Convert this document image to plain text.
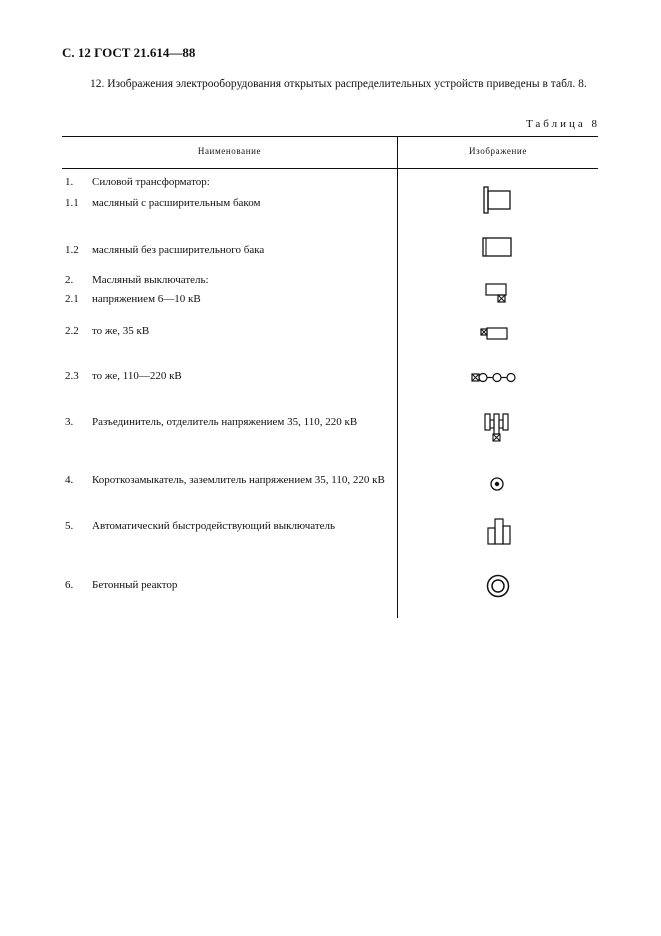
С. 12 ГОСТ 21.614—88
12. Изображения электрооборудования открытых распределительных устройств приведены в табл. 8.
Таблица 8
Наименование	Изображение
1. Силовой трансформатор:
1.1 масляный с расширительным баком
1.2 масляный без расширительного бака
2. Масляный выключатель:
2.1 напряжением 6—10 кВ
2.2 то же, 35 кВ
2.3 то же, 110—220 кВ
3. Разъединитель, отделитель напряжением 35, 110, 220 кВ
4. Короткозамыкатель, заземлитель напряжением 35, 110, 220 кВ
5. Автоматический быстродействующий выключатель
6. Бетонный реактор
